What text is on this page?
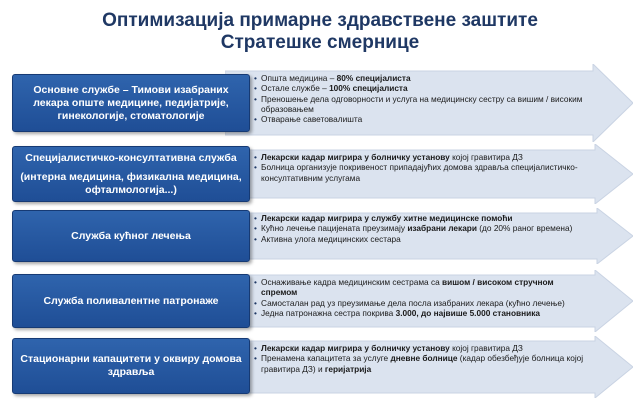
Оптимизација примарне здравствене заштите
Стратешке смернице
Основне службе – Тимови изабраних лекара опште медицине, педијатрије, гинекологије, стоматологије
• Општа медицина – 80% специјалиста
• Остале службе – 100% специјалиста
• Преношење дела одговорности и услуга на медицинску сестру са вишим / високим образовањем
• Отварање саветовалишта
Специјалистичко-консултативна служба
(интерна медицина, физикална медицина, офталмологија...)
• Лекарски кадар мигрира у болничку установу којој гравитира ДЗ
• Болница организује покривеност припадајућих домова здравља специјалистичко-консултативним услугама
Служба кућног лечења
• Лекарски кадар мигрира у службу хитне медицинске помоћи
• Кућно лечење пацијената преузимају изабрани лекари (до 20% раног времена)
• Активна улога медицинских сестара
Служба поливалентне патронаже
• Оснаживање кадра медицинским сестрама са вишом / високом стручном спремом
• Самосталан рад уз преузимање дела посла изабраних лекара (кућно лечење)
• Једна патронажна сестра покрива 3.000, до највише 5.000 становника
Стационарни капацитети у оквиру домова здравља
• Лекарски кадар мигрира у болничку установу којој гравитира ДЗ
• Пренамена капацитета за услуге дневне болнице (кадар обезбеђује болница којој гравитира ДЗ) и геријатрија
